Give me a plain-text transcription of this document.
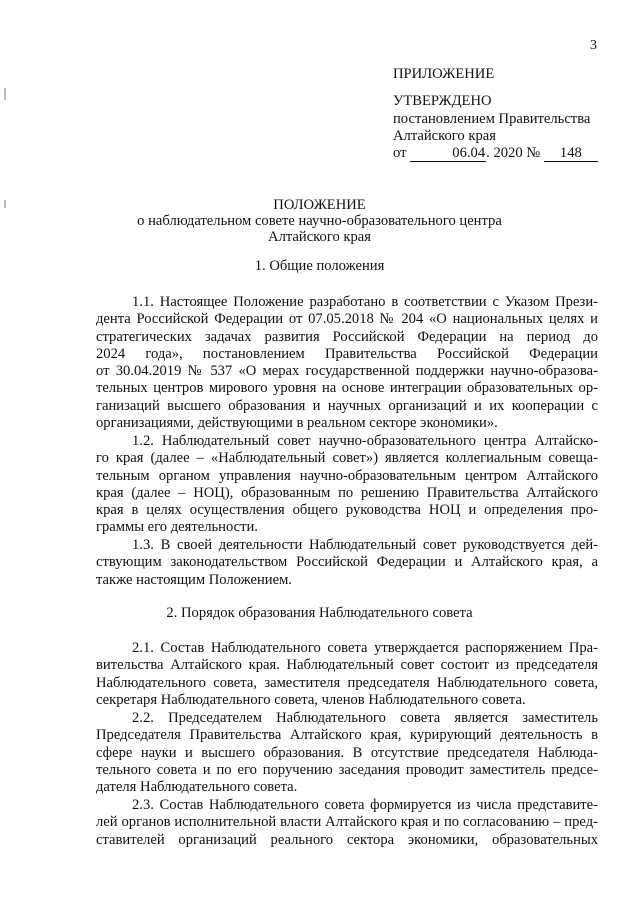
3
ПРИЛОЖЕНИЕ
УТВЕРЖДЕНО
постановлением Правительства
Алтайского края
от	06.04. 2020 № 148
ПОЛОЖЕНИЕ
о наблюдательном совете научно-образовательного центра
Алтайского края
1. Общие положения
1.1. Настоящее Положение разработано в соответствии с Указом Прези-
дента Российской Федерации от 07.05.2018 № 204 «О национальных целях и
стратегических задачах развития Российской Федерации на период до
2024 года», постановлением Правительства Российской Федерации
от 30.04.2019 № 537 «О мерах государственной поддержки научно-образова-
тельных центров мирового уровня на основе интеграции образовательных ор-
ганизаций высшего образования и научных организаций и их кооперации с
организациями, действующими в реальном секторе экономики».
1.2. Наблюдательный совет научно-образовательного центра Алтайско-
го края (далее – «Наблюдательный совет») является коллегиальным совеща-
тельным органом управления научно-образовательным центром Алтайского
края (далее – НОЦ), образованным по решению Правительства Алтайского
края в целях осуществления общего руководства НОЦ и определения про-
граммы его деятельности.
1.3. В своей деятельности Наблюдательный совет руководствуется дей-
ствующим законодательством Российской Федерации и Алтайского края, а
также настоящим Положением.
2. Порядок образования Наблюдательного совета
2.1. Состав Наблюдательного совета утверждается распоряжением Пра-
вительства Алтайского края. Наблюдательный совет состоит из председателя
Наблюдательного совета, заместителя председателя Наблюдательного совета,
секретаря Наблюдательного совета, членов Наблюдательного совета.
2.2. Председателем Наблюдательного совета является заместитель
Председателя Правительства Алтайского края, курирующий деятельность в
сфере науки и высшего образования. В отсутствие председателя Наблюда-
тельного совета и по его поручению заседания проводит заместитель предсе-
дателя Наблюдательного совета.
2.3. Состав Наблюдательного совета формируется из числа представите-
лей органов исполнительной власти Алтайского края и по согласованию – пред-
ставителей организаций реального сектора экономики, образовательных
